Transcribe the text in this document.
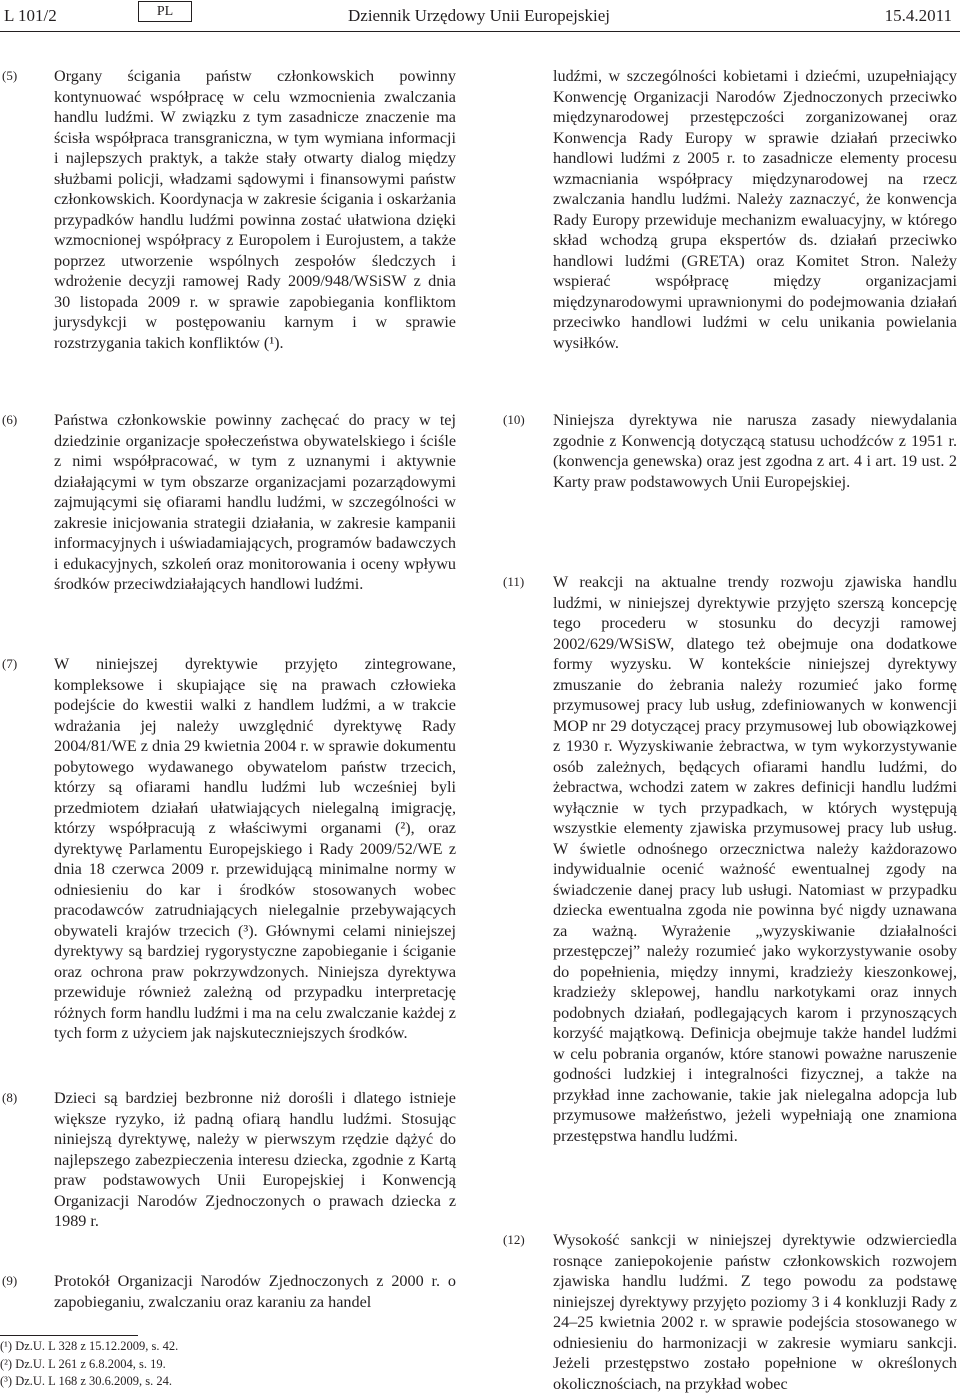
L 101/2	PL	Dziennik Urzędowy Unii Europejskiej	15.4.2011
(5) Organy ścigania państw członkowskich powinny kontynuować współpracę w celu wzmocnienia zwalczania handlu ludźmi. W związku z tym zasadnicze znaczenie ma ścisła współpraca transgraniczna, w tym wymiana informacji i najlepszych praktyk, a także stały otwarty dialog między służbami policji, władzami sądowymi i finansowymi państw członkowskich. Koordynacja w zakresie ścigania i oskarżania przypadków handlu ludźmi powinna zostać ułatwiona dzięki wzmocnionej współpracy z Europolem i Eurojustem, a także poprzez utworzenie wspólnych zespołów śledczych i wdrożenie decyzji ramowej Rady 2009/948/WSiSW z dnia 30 listopada 2009 r. w sprawie zapobiegania konfliktom jurysdykcji w postępowaniu karnym i w sprawie rozstrzygania takich konfliktów (¹).
(6) Państwa członkowskie powinny zachęcać do pracy w tej dziedzinie organizacje społeczeństwa obywatelskiego i ściśle z nimi współpracować, w tym z uznanymi i aktywnie działającymi w tym obszarze organizacjami pozarządowymi zajmującymi się ofiarami handlu ludźmi, w szczególności w zakresie inicjowania strategii działania, w zakresie kampanii informacyjnych i uświadamiających, programów badawczych i edukacyjnych, szkoleń oraz monitorowania i oceny wpływu środków przeciwdziałających handlowi ludźmi.
(7) W niniejszej dyrektywie przyjęto zintegrowane, kompleksowe i skupiające się na prawach człowieka podejście do kwestii walki z handlem ludźmi, a w trakcie wdrażania jej należy uwzględnić dyrektywę Rady 2004/81/WE z dnia 29 kwietnia 2004 r. w sprawie dokumentu pobytowego wydawanego obywatelom państw trzecich, którzy są ofiarami handlu ludźmi lub wcześniej byli przedmiotem działań ułatwiających nielegalną imigrację, którzy współpracują z właściwymi organami (²), oraz dyrektywę Parlamentu Europejskiego i Rady 2009/52/WE z dnia 18 czerwca 2009 r. przewidującą minimalne normy w odniesieniu do kar i środków stosowanych wobec pracodawców zatrudniających nielegalnie przebywających obywateli krajów trzecich (³). Głównymi celami niniejszej dyrektywy są bardziej rygorystyczne zapobieganie i ściganie oraz ochrona praw pokrzywdzonych. Niniejsza dyrektywa przewiduje również zależną od przypadku interpretację różnych form handlu ludźmi i ma na celu zwalczanie każdej z tych form z użyciem jak najskuteczniejszych środków.
(8) Dzieci są bardziej bezbronne niż dorośli i dlatego istnieje większe ryzyko, iż padną ofiarą handlu ludźmi. Stosując niniejszą dyrektywę, należy w pierwszym rzędzie dążyć do najlepszego zabezpieczenia interesu dziecka, zgodnie z Kartą praw podstawowych Unii Europejskiej i Konwencją Organizacji Narodów Zjednoczonych o prawach dziecka z 1989 r.
(9) Protokół Organizacji Narodów Zjednoczonych z 2000 r. o zapobieganiu, zwalczaniu oraz karaniu za handel
ludźmi, w szczególności kobietami i dziećmi, uzupełniający Konwencję Organizacji Narodów Zjednoczonych przeciwko międzynarodowej przestępczości zorganizowanej oraz Konwencja Rady Europy w sprawie działań przeciwko handlowi ludźmi z 2005 r. to zasadnicze elementy procesu wzmacniania współpracy międzynarodowej na rzecz zwalczania handlu ludźmi. Należy zaznaczyć, że konwencja Rady Europy przewiduje mechanizm ewaluacyjny, w którego skład wchodzą grupa ekspertów ds. działań przeciwko handlowi ludźmi (GRETA) oraz Komitet Stron. Należy wspierać współpracę między organizacjami międzynarodowymi uprawnionymi do podejmowania działań przeciwko handlowi ludźmi w celu unikania powielania wysiłków.
(10) Niniejsza dyrektywa nie narusza zasady niewydalania zgodnie z Konwencją dotyczącą statusu uchodźców z 1951 r. (konwencja genewska) oraz jest zgodna z art. 4 i art. 19 ust. 2 Karty praw podstawowych Unii Europejskiej.
(11) W reakcji na aktualne trendy rozwoju zjawiska handlu ludźmi, w niniejszej dyrektywie przyjęto szerszą koncepcję tego procederu w stosunku do decyzji ramowej 2002/629/WSiSW, dlatego też obejmuje ona dodatkowe formy wyzysku. W kontekście niniejszej dyrektywy zmuszanie do żebrania należy rozumieć jako formę przymusowej pracy lub usług, zdefiniowanych w konwencji MOP nr 29 dotyczącej pracy przymusowej lub obowiązkowej z 1930 r. Wyzyskiwanie żebractwa, w tym wykorzystywanie osób zależnych, będących ofiarami handlu ludźmi, do żebractwa, wchodzi zatem w zakres definicji handlu ludźmi wyłącznie w tych przypadkach, w których występują wszystkie elementy zjawiska przymusowej pracy lub usług. W świetle odnośnego orzecznictwa należy każdorazowo indywidualnie ocenić ważność ewentualnej zgody na świadczenie danej pracy lub usługi. Natomiast w przypadku dziecka ewentualna zgoda nie powinna być nigdy uznawana za ważną. Wyrażenie „wyzyskiwanie działalności przestępczej” należy rozumieć jako wykorzystywanie osoby do popełnienia, między innymi, kradzieży kieszonkowej, kradzieży sklepowej, handlu narkotykami oraz innych podobnych działań, podlegających karom i przynoszących korzyść majątkową. Definicja obejmuje także handel ludźmi w celu pobrania organów, które stanowi poważne naruszenie godności ludzkiej i integralności fizycznej, a także na przykład inne zachowanie, takie jak nielegalna adopcja lub przymusowe małżeństwo, jeżeli wypełniają one znamiona przestępstwa handlu ludźmi.
(12) Wysokość sankcji w niniejszej dyrektywie odzwierciedla rosnące zaniepokojenie państw członkowskich rozwojem zjawiska handlu ludźmi. Z tego powodu za podstawę niniejszej dyrektywy przyjęto poziomy 3 i 4 konkluzji Rady z 24–25 kwietnia 2002 r. w sprawie podejścia stosowanego w odniesieniu do harmonizacji w zakresie wymiaru sankcji. Jeżeli przestępstwo zostało popełnione w określonych okolicznościach, na przykład wobec
(¹) Dz.U. L 328 z 15.12.2009, s. 42.
(²) Dz.U. L 261 z 6.8.2004, s. 19.
(³) Dz.U. L 168 z 30.6.2009, s. 24.
